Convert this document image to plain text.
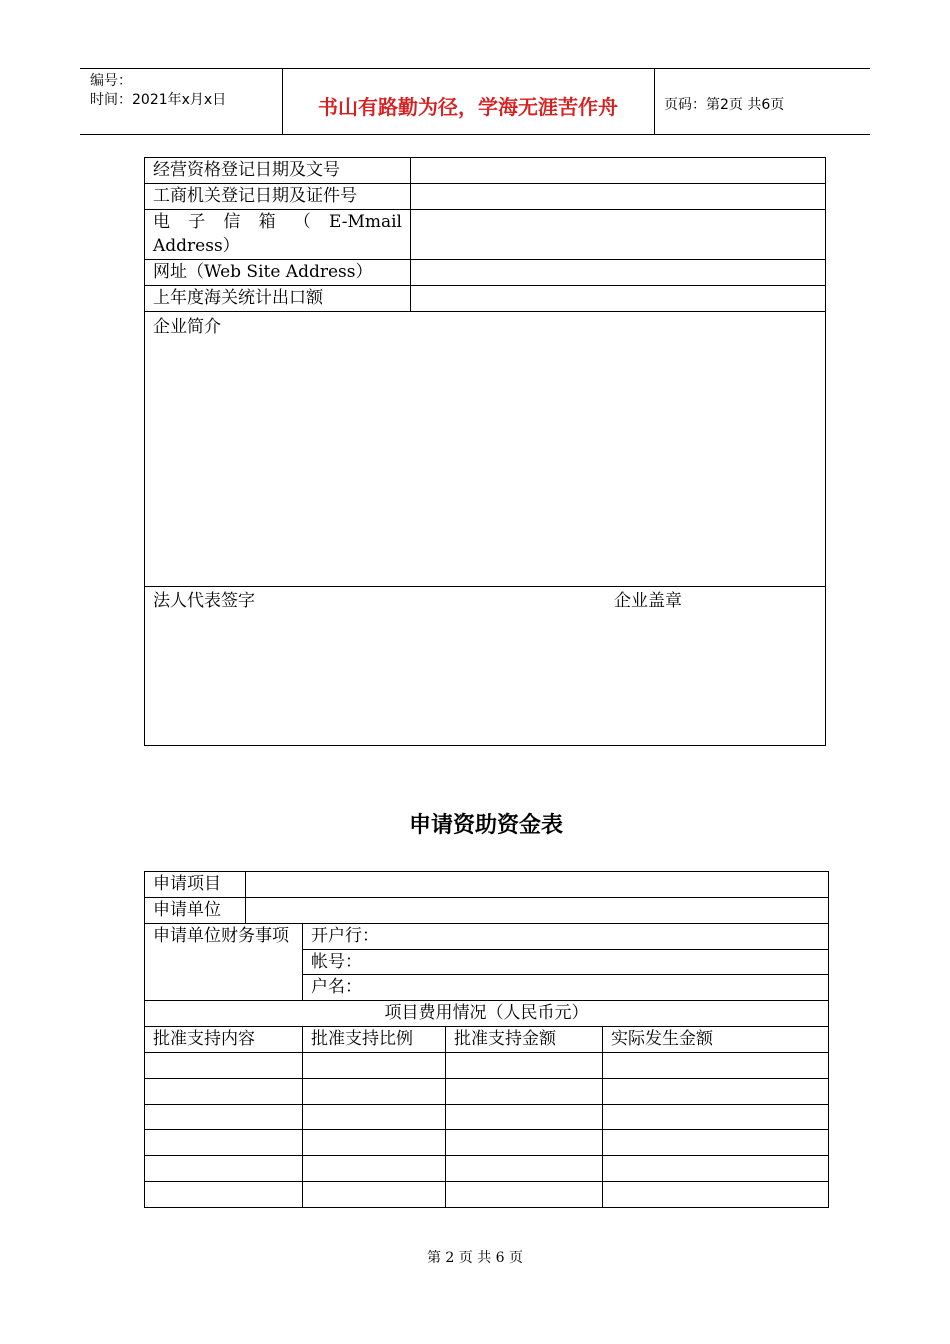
编号：
时间：2021年x月x日	书山有路勤为径，学海无涯苦作舟	页码：第2页 共6页
经营资格登记日期及文号	
工商机关登记日期及证件号	

电 子 信 箱 （ E-Mmail
Address）	

网址（Web Site Address）	
上年度海关统计出口额	
企业简介	
法人代表签字 企业盖章	
申请资助资金表
申请项目				
申请单位				
申请单位财务事项		开户行：		
		帐号：		
		户名：		
项目费用情况（人民币元）				
批准支持内容		批准支持比例	批准支持金额	实际发生金额

第 2 页 共 6 页
